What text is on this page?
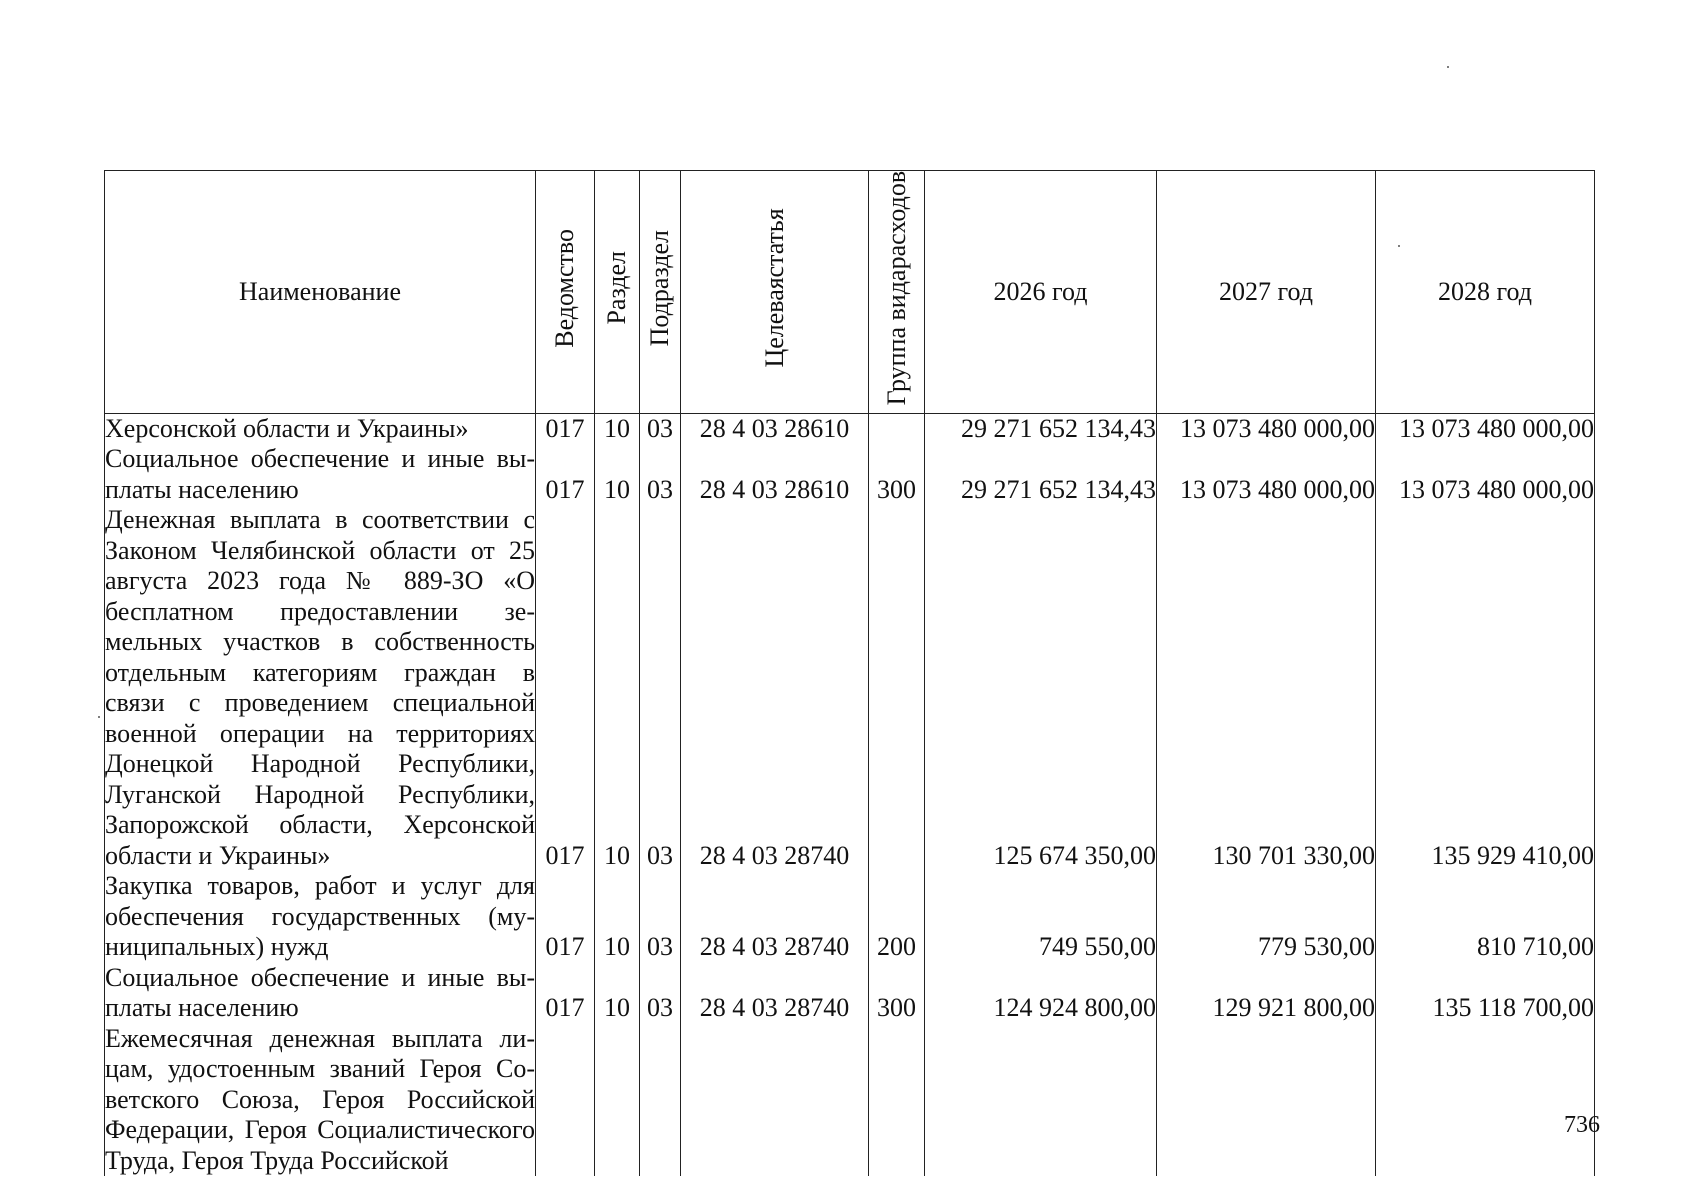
Наименование	Ведомство	Раздел	Подраздел	Целеваястатья	Группа видарасходов	2026 год	2027 год	2028 год
Херсонской области и Украины»	017	10	03	28 4 03 28610		29 271 652 134,43	13 073 480 000,00	13 073 480 000,00
Социальное обеспечение и иные выплаты населению	017	10	03	28 4 03 28610	300	29 271 652 134,43	13 073 480 000,00	13 073 480 000,00
Денежная выплата в соответствии с Законом Челябинской области от 25 августа 2023 года № 889-ЗО «О бесплатном предоставлении земельных участков в собственность отдельным категориям граждан в связи с проведением специальной военной операции на территориях Донецкой Народной Республики, Луганской Народной Республики, Запорожской области, Херсонской области и Украины»	017	10	03	28 4 03 28740		125 674 350,00	130 701 330,00	135 929 410,00
Закупка товаров, работ и услуг для обеспечения государственных (муниципальных) нужд	017	10	03	28 4 03 28740	200	749 550,00	779 530,00	810 710,00
Социальное обеспечение и иные выплаты населению	017	10	03	28 4 03 28740	300	124 924 800,00	129 921 800,00	135 118 700,00
Ежемесячная денежная выплата лицам, удостоенным званий Героя Советского Союза, Героя Российской Федерации, Героя Социалистического Труда, Героя Труда Российской								
736
